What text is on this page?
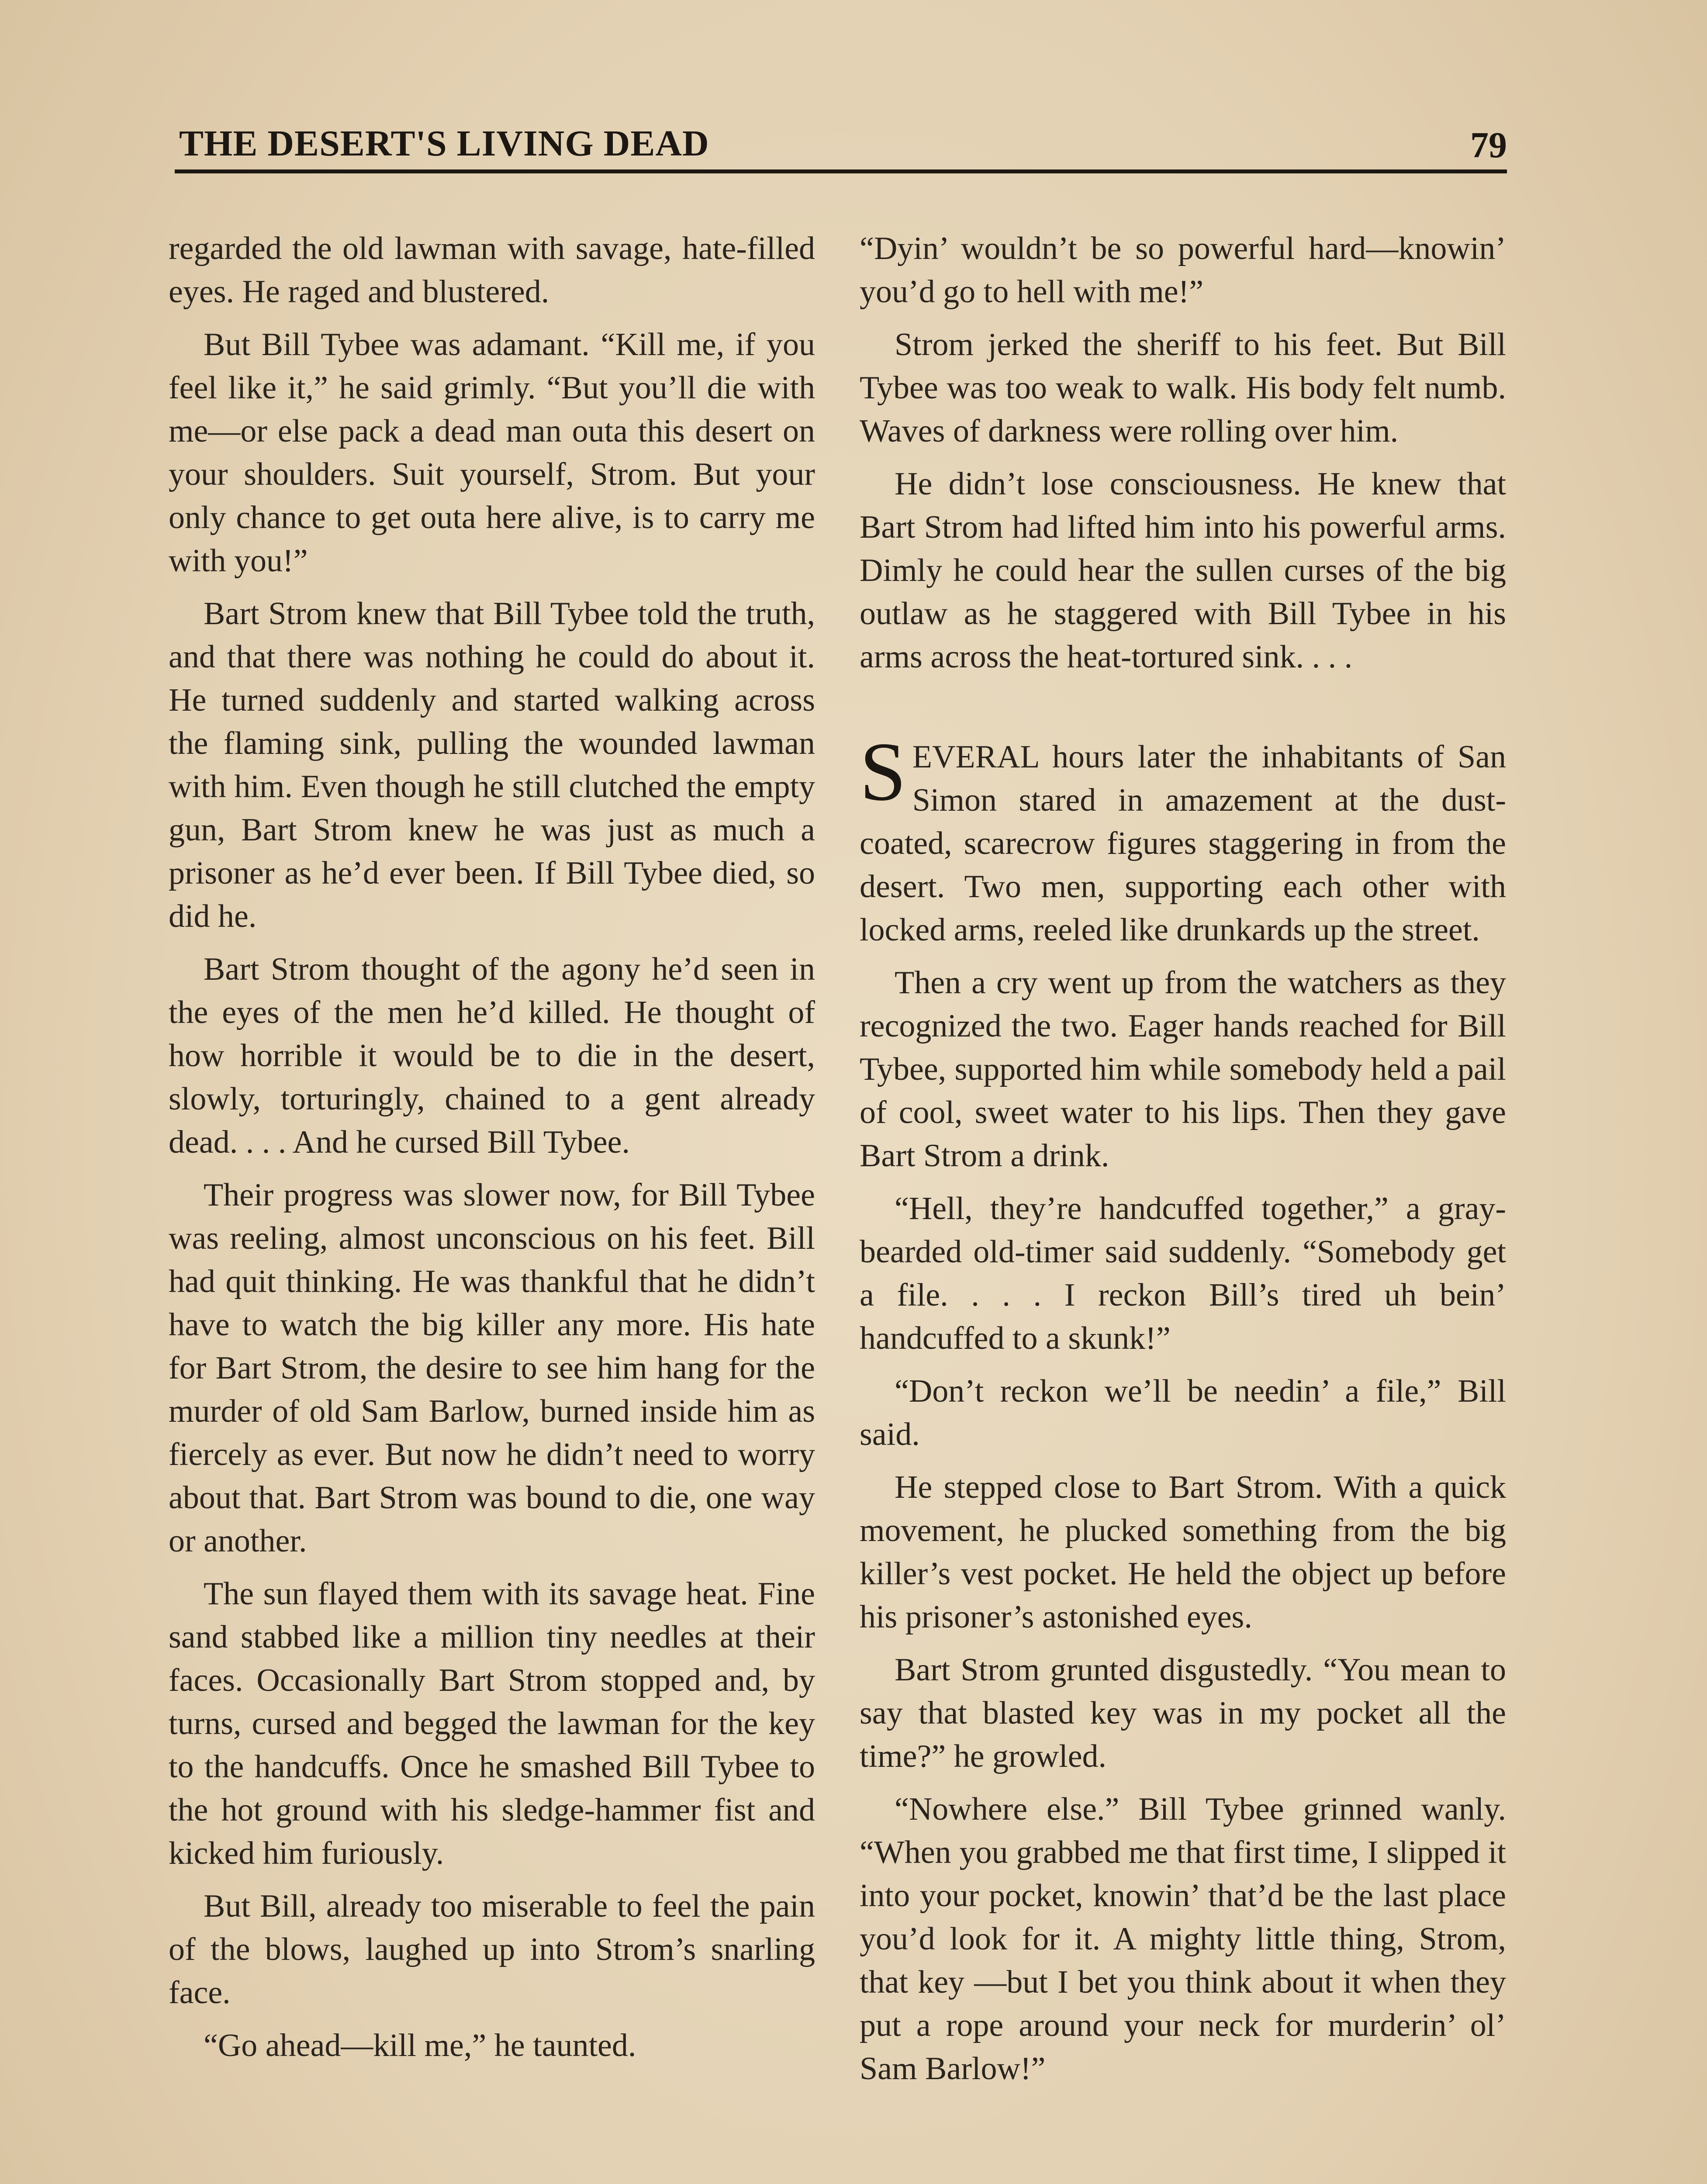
THE DESERT'S LIVING DEAD	79

regarded the old lawman with savage, hate-filled eyes. He raged and blustered.

But Bill Tybee was adamant. “Kill me, if you feel like it,” he said grimly. “But you’ll die with me—or else pack a dead man outa this desert on your shoulders. Suit yourself, Strom. But your only chance to get outa here alive, is to carry me with you!”

Bart Strom knew that Bill Tybee told the truth, and that there was nothing he could do about it. He turned suddenly and started walking across the flaming sink, pulling the wounded lawman with him. Even though he still clutched the empty gun, Bart Strom knew he was just as much a prisoner as he’d ever been. If Bill Tybee died, so did he.

Bart Strom thought of the agony he’d seen in the eyes of the men he’d killed. He thought of how horrible it would be to die in the desert, slowly, torturingly, chained to a gent already dead. . . . And he cursed Bill Tybee.

Their progress was slower now, for Bill Tybee was reeling, almost unconscious on his feet. Bill had quit thinking. He was thankful that he didn’t have to watch the big killer any more. His hate for Bart Strom, the desire to see him hang for the murder of old Sam Barlow, burned inside him as fiercely as ever. But now he didn’t need to worry about that. Bart Strom was bound to die, one way or another.

The sun flayed them with its savage heat. Fine sand stabbed like a million tiny needles at their faces. Occasionally Bart Strom stopped and, by turns, cursed and begged the lawman for the key to the handcuffs. Once he smashed Bill Tybee to the hot ground with his sledge-hammer fist and kicked him furiously.

But Bill, already too miserable to feel the pain of the blows, laughed up into Strom’s snarling face.

“Go ahead—kill me,” he taunted.

“Dyin’ wouldn’t be so powerful hard—knowin’ you’d go to hell with me!”

Strom jerked the sheriff to his feet. But Bill Tybee was too weak to walk. His body felt numb. Waves of darkness were rolling over him.

He didn’t lose consciousness. He knew that Bart Strom had lifted him into his powerful arms. Dimly he could hear the sullen curses of the big outlaw as he staggered with Bill Tybee in his arms across the heat-tortured sink. . . .

SEVERAL hours later the inhabitants of San Simon stared in amazement at the dust-coated, scarecrow figures staggering in from the desert. Two men, supporting each other with locked arms, reeled like drunkards up the street.

Then a cry went up from the watchers as they recognized the two. Eager hands reached for Bill Tybee, supported him while somebody held a pail of cool, sweet water to his lips. Then they gave Bart Strom a drink.

“Hell, they’re handcuffed together,” a gray-bearded old-timer said suddenly. “Somebody get a file. . . . I reckon Bill’s tired uh bein’ handcuffed to a skunk!”

“Don’t reckon we’ll be needin’ a file,” Bill said.

He stepped close to Bart Strom. With a quick movement, he plucked something from the big killer’s vest pocket. He held the object up before his prisoner’s astonished eyes.

Bart Strom grunted disgustedly. “You mean to say that blasted key was in my pocket all the time?” he growled.

“Nowhere else.” Bill Tybee grinned wanly. “When you grabbed me that first time, I slipped it into your pocket, knowin’ that’d be the last place you’d look for it. A mighty little thing, Strom, that key —but I bet you think about it when they put a rope around your neck for murderin’ ol’ Sam Barlow!”
